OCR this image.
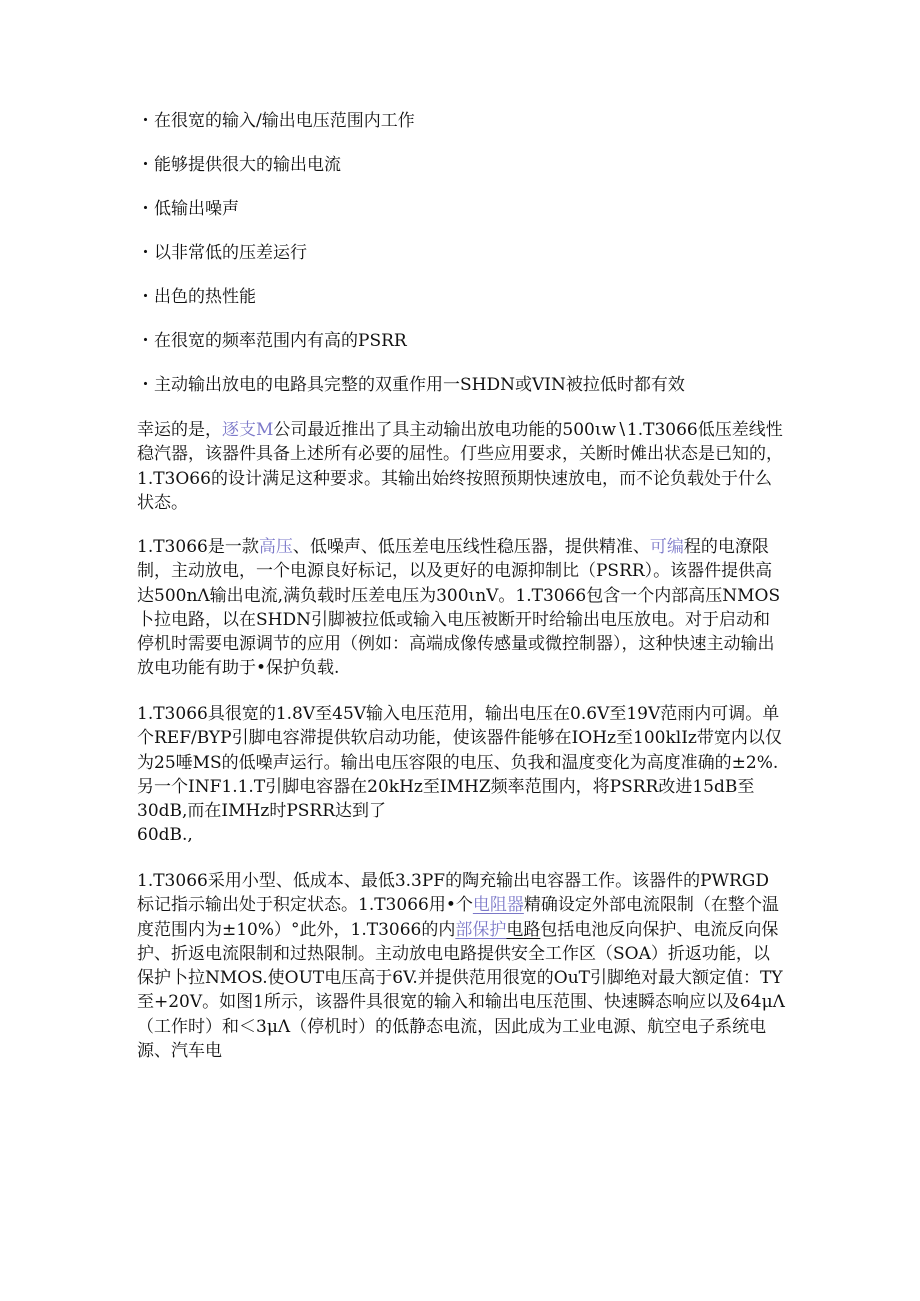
・在很宽的输入/输出电压范围内工作

・能够提供很大的输出电流

・低输出噪声

・以非常低的压差运行

・出色的热性能

・在很宽的频率范围内有高的PSRR

・主动输出放电的电路具完整的双重作用一SHDN或VIN被拉低时都有效

幸运的是，逐支M公司最近推出了具主动输出放电功能的500ιw∖1.T3066低压差线性稳汽器，该器件具备上述所有必要的屈性。仃些应用要求，关断时傩出状态是已知的，1.T3O66的设计满足这种要求。其输出始终按照预期快速放电，而不论负载处于什么状态。

1.T3066是一款高压、低噪声、低压差电压线性稳压器，提供精准、可编程的电潦限制，主动放电，一个电源良好标记，以及更好的电源抑制比（PSRR）。该器件提供高达500nΛ输出电流,满负载时压差电压为300ιnV。1.T3066包含一个内部高压NMOS卜拉电路，以在SHDN引脚被拉低或输入电压被断开时给输出电压放电。对于启动和停机时需要电源调节的应用（例如：高端成像传感量或微控制器），这种快速主动输出放电功能有助于•保护负载.

1.T3066具很宽的1.8V至45V输入电压范用，输出电压在0.6V至19V范雨内可调。单个REF/BYP引脚电容滞提供软启动功能，使该器件能够在IOHz至100klIz带宽内以仅为25唾MS的低噪声运行。输出电压容限的电压、负我和温度变化为高度准确的±2%.另一个INF1.1.T引脚电容器在20kHz至IMHZ频率范围内，将PSRR改进15dB至30dB,而在IMHz时PSRR达到了
60dB.,

1.T3066采用小型、低成本、最低3.3PF的陶充输出电容器工作。该器件的PWRGD标记指示输出处于积定状态。1.T3066用•个电阻器精确设定外部电流限制（在整个温度范围内为±10%）°此外，1.T3066的内部保护电路包括电池反向保护、电流反向保护、折返电流限制和过热限制。主动放电电路提供安全工作区（SOA）折返功能，以保护卜拉NMOS.使OUT电压高于6V.并提供范用很宽的OuT引脚绝对最大额定值：TY至+20V。如图1所示，该器件具很宽的输入和输出电压范围、快速瞬态响应以及64μΛ（工作时）和＜3μΛ（停机时）的低静态电流，因此成为工业电源、航空电子系统电源、汽车电
